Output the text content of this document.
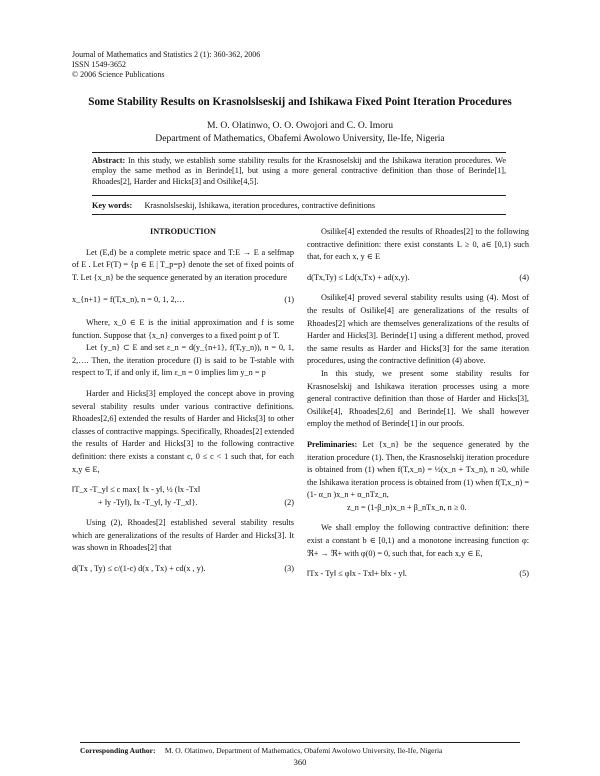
Journal of Mathematics and Statistics 2 (1): 360-362, 2006
ISSN 1549-3652
© 2006 Science Publications
Some Stability Results on Krasnolslseskij and Ishikawa Fixed Point Iteration Procedures
M. O. Olatinwo, O. O. Owojori and C. O. Imoru
Department of Mathematics, Obafemi Awolowo University, Ile-Ife, Nigeria
Abstract: In this study, we establish some stability results for the Krasnoselskij and the Ishikawa iteration procedures. We employ the same method as in Berinde[1], but using a more general contractive definition than those of Berinde[1], Rhoades[2], Harder and Hicks[3] and Osilike[4,5].
Key words: Krasnolslseskij, Ishikawa, iteration procedures, contractive definitions
INTRODUCTION

Let (E,d) be a complete metric space and T:E → E a selfmap of E . Let F(T) = {p ∈ E | T_p=p} denote the set of fixed points of T. Let {x_n} be the sequence generated by an iteration procedure

x_{n+1} = f(T,x_n), n = 0, 1, 2,…	(1)

Where, x_0 ∈ E is the initial approximation and f is some function. Suppose that {x_n} converges to a fixed point p of T.

Let {y_n} ⊂ E and set ε_n = d(y_{n+1}, f(T,y_n)), n = 0, 1, 2,…. Then, the iteration procedure (I) is said to be T-stable with respect to T, if and only if, lim ε_n = 0 implies lim y_n = p

Harder and Hicks[3] employed the concept above in proving several stability results under various contractive definitions. Rhoades[2,6] extended the results of Harder and Hicks[3] to other classes of contractive mappings. Specifically, Rhoades[2] extended the results of Harder and Hicks[3] to the following contractive definition: there exists a constant c, 0 ≤ c < 1 such that, for each x,y ∈ E,

‖T_x -T_y‖ ≤ c max{ ‖x - y‖, ½ (‖x -Tx‖
+ ‖y -Ty‖), ‖x -T_y‖, ‖y -T_x‖}.	(2)

Using (2), Rhoades[2] established several stability results which are generalizations of the results of Harder and Hicks[3]. It was shown in Rhoades[2] that

d(Tx , Ty) ≤ c/(1-c) d(x , Tx) + cd(x , y).	(3)

Osilike[4] extended the results of Rhoades[2] to the following contractive definition: there exist constants L ≥ 0, a∈ [0,1) such that, for each x, y ∈ E

d(Tx,Ty) ≤ Ld(x,Tx) + ad(x,y).	(4)

Osilike[4] proved several stability results using (4). Most of the results of Osilike[4] are generalizations of the results of Rhoades[2] which are themselves generalizations of the results of Harder and Hicks[3]. Berinde[1] using a different method, proved the same results as Harder and Hicks[3] for the same iteration procedures, using the contractive definition (4) above.

In this study, we present some stability results for Krasnoselskij and Ishikawa iteration processes using a more general contractive definition than those of Harder and Hicks[3], Osilike[4], Rhoades[2,6] and Berinde[1]. We shall however employ the method of Berinde[1] in our proofs.

Preliminaries: Let {x_n} be the sequence generated by the iteration procedure (1). Then, the Krasnoselskij iteration procedure is obtained from (1) when f(T,x_n) = ½(x_n + Tx_n), n ≥0, while the Ishikawa iteration process is obtained from (1) when f(T,x_n) = (1- α_n )x_n + α_nTz_n,

z_n = (1-β_n)x_n + β_nTx_n, n ≥ 0.

We shall employ the following contractive definition: there exist a constant b ∈ [0,1) and a monotone increasing function φ: ℜ+ → ℜ+ with φ(0) = 0, such that, for each x,y ∈ E,

‖Tx - Ty‖ ≤ φ‖x - Tx‖+ b‖x - y‖.	(5)
Corresponding Author: M. O. Olatinwo, Department of Mathematics, Obafemi Awolowo University, Ile-Ife, Nigeria
360
